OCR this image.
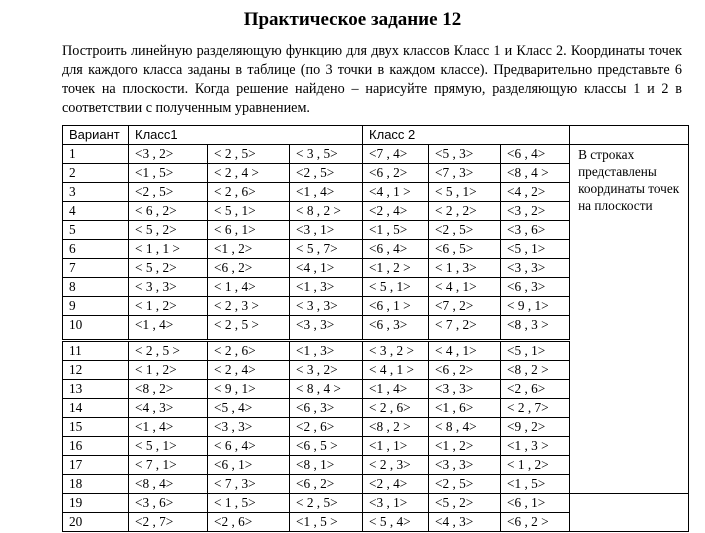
Практическое задание 12
Построить линейную разделяющую функцию для двух классов Класс 1 и Класс 2. Координаты точек для каждого класса заданы в таблице (по 3 точки в каждом классе). Предварительно представьте 6 точек на плоскости. Когда решение найдено – нарисуйте прямую, разделяющую классы 1 и 2 в соответствии с полученным уравнением.
Вариант	Класс1			Класс 2			
1	<3 , 2>	< 2 , 5>	< 3 , 5>	<7 , 4>	<5 , 3>	<6 , 4>	В строках представлены координаты точек на плоскости
2	<1 , 5>	< 2 , 4 >	<2 , 5>	<6 , 2>	<7 , 3>	<8 , 4 >	
3	<2 , 5>	< 2 , 6>	<1 , 4>	<4 , 1 >	< 5 , 1>	<4 , 2>	
4	< 6 , 2>	< 5 , 1>	< 8 , 2 >	<2 , 4>	< 2 , 2>	<3 , 2>	
5	< 5 , 2>	< 6 , 1>	<3 , 1>	<1 , 5>	<2 , 5>	<3 , 6>	
6	< 1 , 1 >	<1 , 2>	< 5 , 7>	<6 , 4>	<6 , 5>	<5 , 1>	
7	< 5 , 2>	<6 , 2>	<4 , 1>	<1 , 2 >	< 1 , 3>	<3 , 3>	
8	< 3 , 3>	< 1 , 4>	<1 , 3>	< 5 , 1>	< 4 , 1>	<6 , 3>	
9	< 1 , 2>	< 2 , 3 >	< 3 , 3>	<6 , 1 >	<7 , 2>	< 9 , 1>	
10	<1 , 4>	< 2 , 5 >	<3 , 3>	<6 , 3>	< 7 , 2>	<8 , 3 >	
11	< 2 , 5 >	< 2 , 6>	<1 , 3>	< 3 , 2 >	< 4 , 1>	<5 , 1>	
12	< 1 , 2>	< 2 , 4>	< 3 , 2>	< 4 , 1 >	<6 , 2>	<8 , 2 >	
13	<8 , 2>	< 9 , 1>	< 8 , 4 >	<1 , 4>	<3 , 3>	<2 , 6>	
14	<4 , 3>	<5 , 4>	<6 , 3>	< 2 , 6>	<1 , 6>	< 2 , 7>	
15	<1 , 4>	<3 , 3>	<2 , 6>	<8 , 2 >	< 8 , 4>	<9 , 2>	
16	< 5 , 1>	< 6 , 4>	<6 , 5 >	<1 , 1>	<1 , 2>	<1 , 3 >	
17	< 7 , 1>	<6 , 1>	<8 , 1>	< 2 , 3>	<3 , 3>	< 1 , 2>	
18	<8 , 4>	< 7 , 3>	<6 , 2>	<2 , 4>	<2 , 5>	<1 , 5>	
19	<3 , 6>	< 1 , 5>	< 2 , 5>	<3 , 1>	<5 , 2>	<6 , 1>	
20	<2 , 7>	<2 , 6>	<1 , 5 >	< 5 , 4>	<4 , 3>	<6 , 2 >	
